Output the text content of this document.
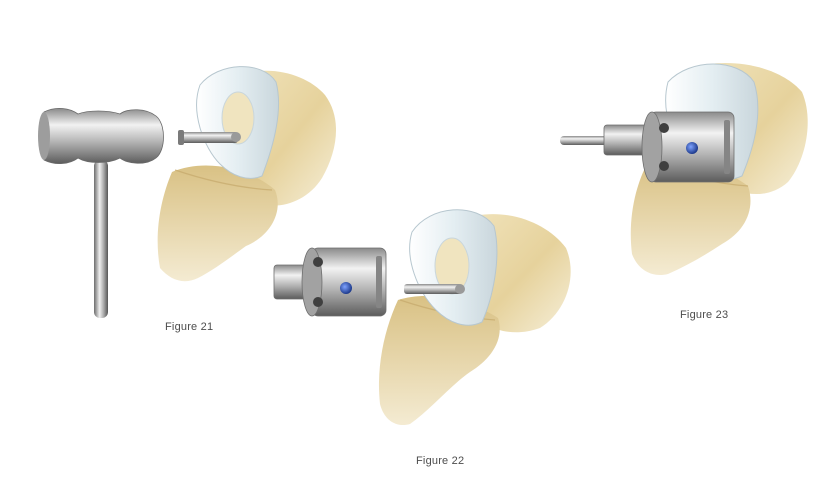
Figure 21
Figure 22
Figure 23
